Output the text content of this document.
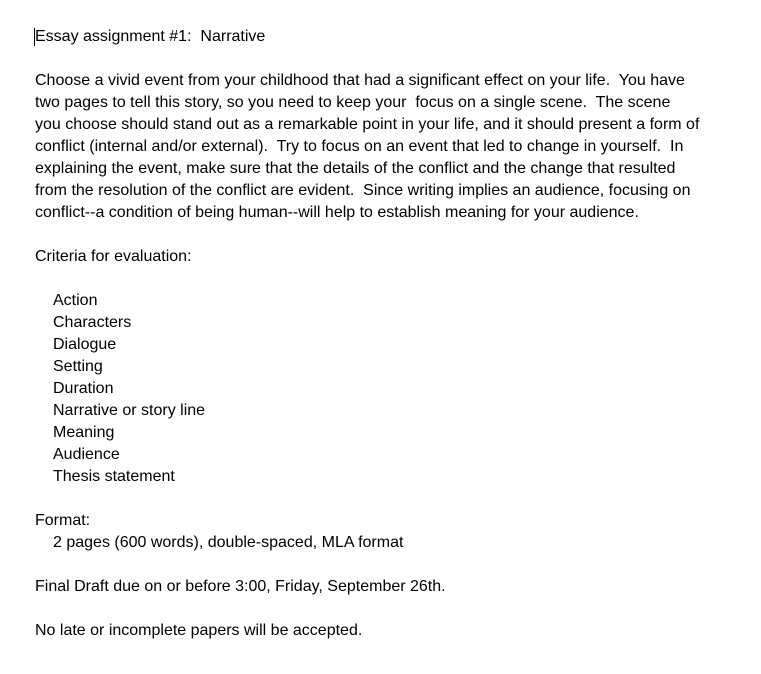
Essay assignment #1:  Narrative
Choose a vivid event from your childhood that had a significant effect on your life.  You have
two pages to tell this story, so you need to keep your  focus on a single scene.  The scene
you choose should stand out as a remarkable point in your life, and it should present a form of
conflict (internal and/or external).  Try to focus on an event that led to change in yourself.  In
explaining the event, make sure that the details of the conflict and the change that resulted
from the resolution of the conflict are evident.  Since writing implies an audience, focusing on
conflict--a condition of being human--will help to establish meaning for your audience.
Criteria for evaluation:
Action
Characters
Dialogue
Setting
Duration
Narrative or story line
Meaning
Audience
Thesis statement
Format:
2 pages (600 words), double-spaced, MLA format
Final Draft due on or before 3:00, Friday, September 26th.
No late or incomplete papers will be accepted.
